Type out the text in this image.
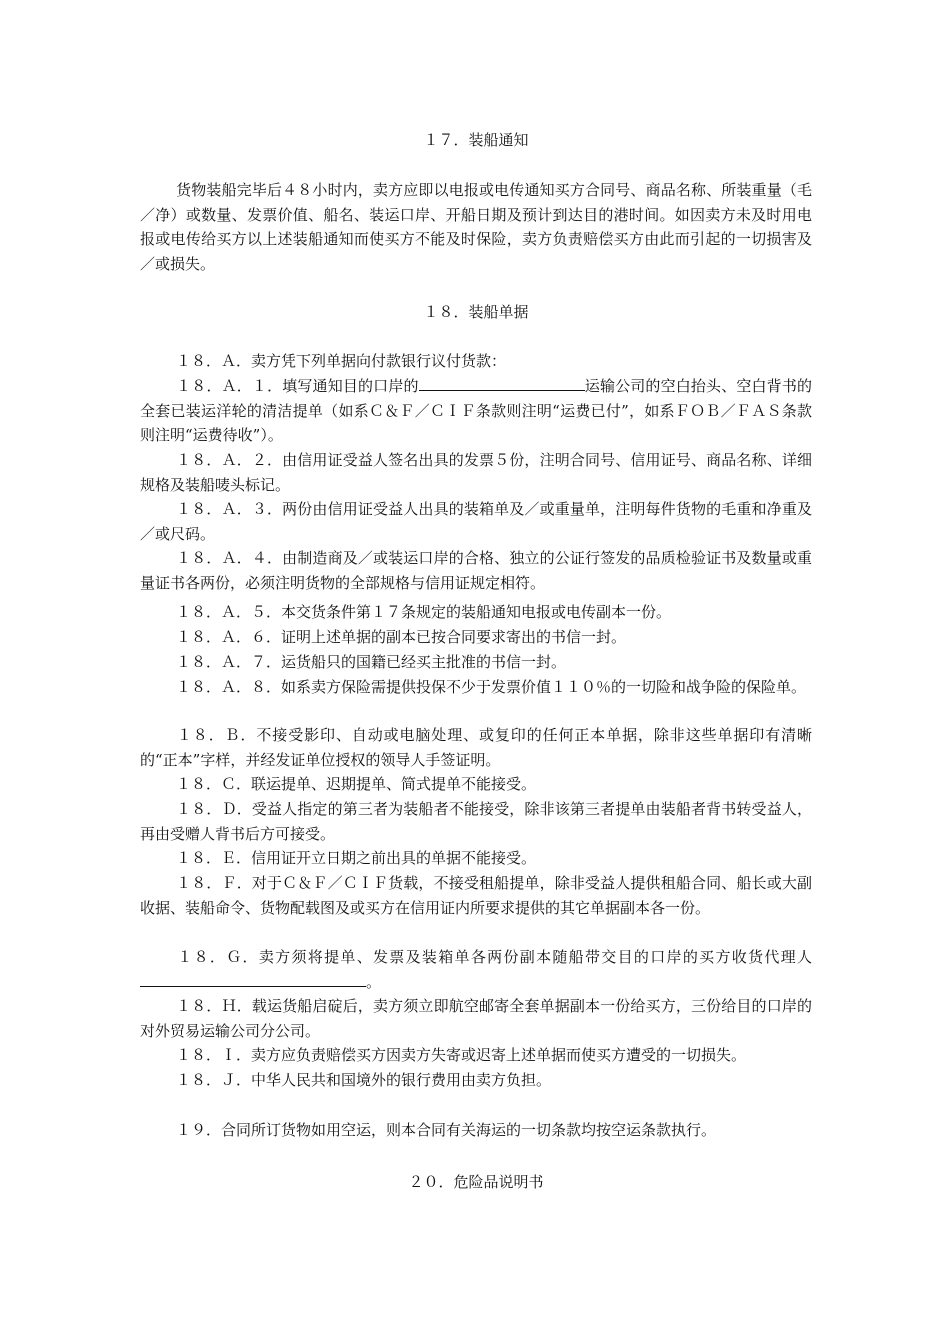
１７．装船通知
货物装船完毕后４８小时内，卖方应即以电报或电传通知买方合同号、商品名称、所装重量（毛／净）或数量、发票价值、船名、装运口岸、开船日期及预计到达目的港时间。如因卖方未及时用电报或电传给买方以上述装船通知而使买方不能及时保险，卖方负责赔偿买方由此而引起的一切损害及／或损失。
１８．装船单据
１８．Ａ．卖方凭下列单据向付款银行议付货款：
１８．Ａ．１．填写通知目的口岸的	运输公司的空白抬头、空白背书的全套已装运洋轮的清洁提单（如系Ｃ＆Ｆ／ＣＩＦ条款则注明“运费已付”，如系ＦＯＢ／ＦＡＳ条款则注明“运费待收”）。
１８．Ａ．２．由信用证受益人签名出具的发票５份，注明合同号、信用证号、商品名称、详细规格及装船唛头标记。
１８．Ａ．３．两份由信用证受益人出具的装箱单及／或重量单，注明每件货物的毛重和净重及／或尺码。
１８．Ａ．４．由制造商及／或装运口岸的合格、独立的公证行签发的品质检验证书及数量或重量证书各两份，必须注明货物的全部规格与信用证规定相符。
１８．Ａ．５．本交货条件第１７条规定的装船通知电报或电传副本一份。
１８．Ａ．６．证明上述单据的副本已按合同要求寄出的书信一封。
１８．Ａ．７．运货船只的国籍已经买主批准的书信一封。
１８．Ａ．８．如系卖方保险需提供投保不少于发票价值１１０％的一切险和战争险的保险单。
１８．Ｂ．不接受影印、自动或电脑处理、或复印的任何正本单据，除非这些单据印有清晰的“正本”字样，并经发证单位授权的领导人手签证明。
１８．Ｃ．联运提单、迟期提单、简式提单不能接受。
１８．Ｄ．受益人指定的第三者为装船者不能接受，除非该第三者提单由装船者背书转受益人，再由受赠人背书后方可接受。
１８．Ｅ．信用证开立日期之前出具的单据不能接受。
１８．Ｆ．对于Ｃ＆Ｆ／ＣＩＦ货载，不接受租船提单，除非受益人提供租船合同、船长或大副收据、装船命令、货物配载图及或买方在信用证内所要求提供的其它单据副本各一份。
１８．Ｇ．卖方须将提单、发票及装箱单各两份副本随船带交目的口岸的买方收货代理人。
１８．Ｈ．载运货船启碇后，卖方须立即航空邮寄全套单据副本一份给买方，三份给目的口岸的对外贸易运输公司分公司。
１８．Ｉ．卖方应负责赔偿买方因卖方失寄或迟寄上述单据而使买方遭受的一切损失。
１８．Ｊ．中华人民共和国境外的银行费用由卖方负担。
１９．合同所订货物如用空运，则本合同有关海运的一切条款均按空运条款执行。
２０．危险品说明书
